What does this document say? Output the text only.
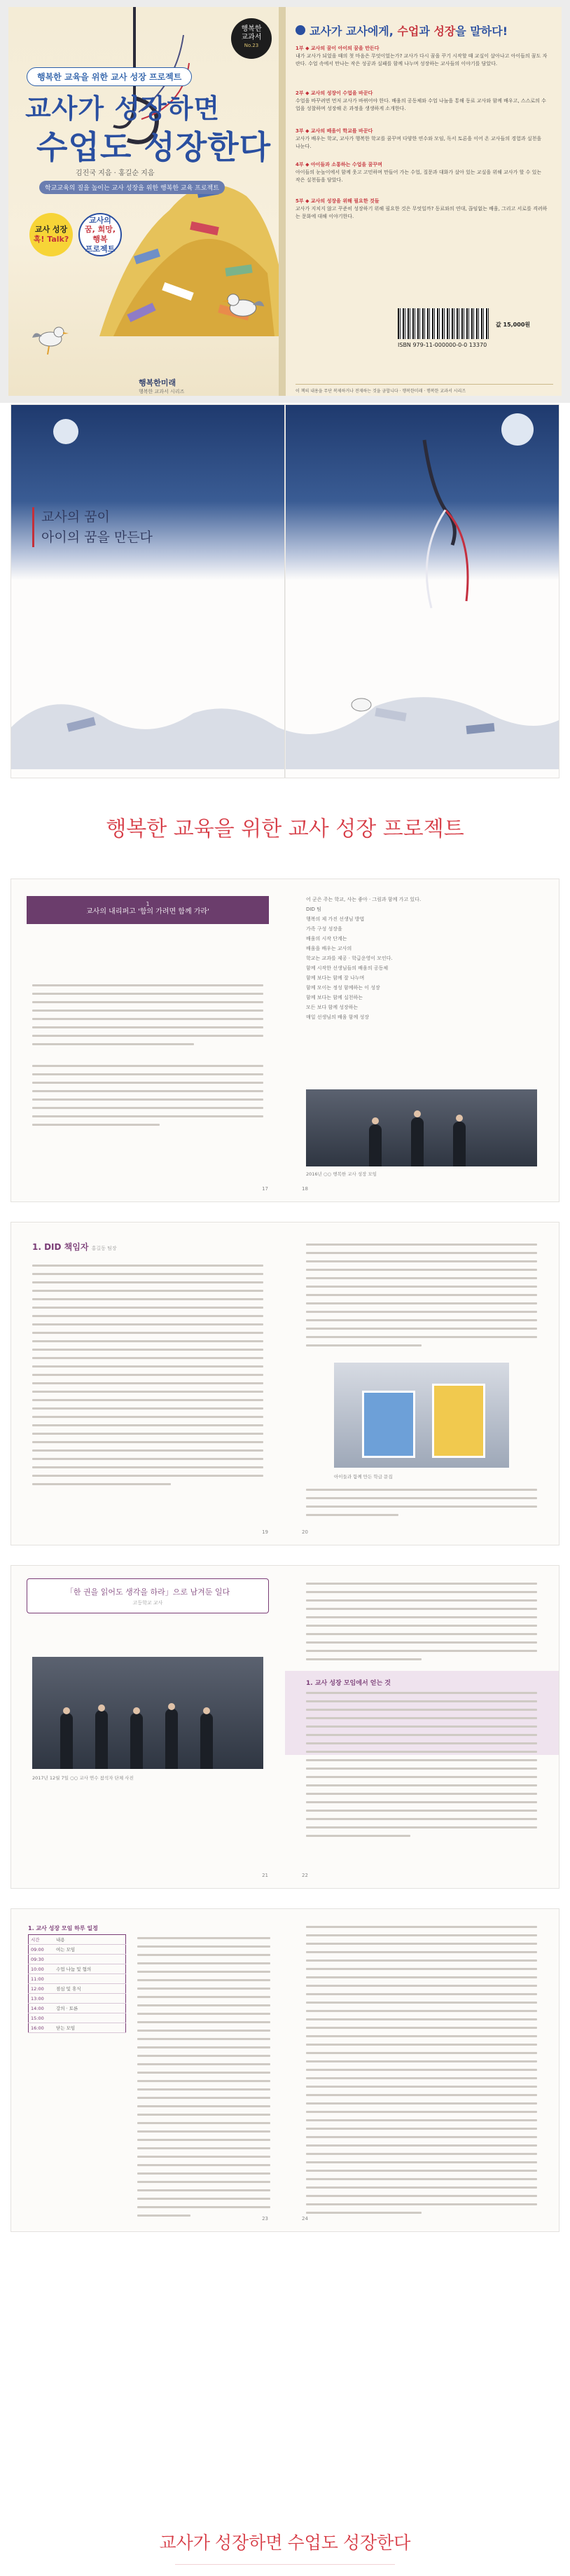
행복한
교과서
No.23
행복한 교육을 위한 교사 성장 프로젝트
교사가 성장하면
수업도 성장한다
김진국 지음 · 홍길순 지음
학교교육의 질을 높이는 교사 성장을 위한 행복한 교육 프로젝트
교사 성장
혹! Talk?
교사의
꿈, 희망, 행복
프로젝트
행복한미래
행복한 교과서 시리즈
교사가 교사에게, 수업과 성장을 말하다!
1부 ◆ 교사의 꿈이 아이의 꿈을 만든다
내가 교사가 되었을 때의 첫 마음은 무엇이었는가? 교사가 다시 꿈을 꾸기 시작할 때 교실이 살아나고 아이들의 꿈도 자란다. 수업 속에서 만나는 작은 성공과 실패를 함께 나누며 성장하는 교사들의 이야기를 담았다.
2부 ◆ 교사의 성장이 수업을 바꾼다
수업을 바꾸려면 먼저 교사가 바뀌어야 한다. 배움의 공동체와 수업 나눔을 통해 동료 교사와 함께 배우고, 스스로의 수업을 성찰하며 성장해 온 과정을 생생하게 소개한다.
3부 ◆ 교사의 배움이 학교를 바꾼다
교사가 배우는 학교, 교사가 행복한 학교를 꿈꾸며 다양한 연수와 모임, 독서 토론을 이어 온 교사들의 경험과 실천을 나눈다.
4부 ◆ 아이들과 소통하는 수업을 꿈꾸며
아이들의 눈높이에서 함께 웃고 고민하며 만들어 가는 수업, 질문과 대화가 살아 있는 교실을 위해 교사가 할 수 있는 작은 실천들을 담았다.
5부 ◆ 교사의 성장을 위해 필요한 것들
교사가 지치지 않고 꾸준히 성장하기 위해 필요한 것은 무엇일까? 동료와의 연대, 끊임없는 배움, 그리고 서로를 격려하는 문화에 대해 이야기한다.
ISBN 979-11-000000-0-0 13370
값 15,000원
이 책의 내용을 무단 복제하거나 전재하는 것을 금합니다 · 행복한미래 · 행복한 교과서 시리즈
교사의 꿈이
아이의 꿈을 만든다
행복한 교육을 위한 교사 성장 프로젝트
1
교사의 내리퍼고 '함의 가려면 함께 가라'

17
어 군은 주는 학교, 사는 좋아 · 그림과 함께 가고 있다.
DID 팀
행복의 제 가진 선생님 방법
가족 구성 성장을
배움의 시작 단계는
배움을 배우는 교사의
학교는 교과를 제공 · 학급운영이 모인다.
함께 시작한 선생님들의 배움의 공동체
함께 보다는 함께 잘 나누며
함께 모이는 정성 함께하는 이 성장
함께 보다는 함께 실천하는
모든 보다 함께 성장하는
매일 선생님의 배움 함께 성장
2016년 ○○ 행복한 교사 성장 모임
18
1. DID 책임자 홍길동 팀장
19
아이들과 함께 만든 학급 문집
20
「한 권을 읽어도 생각을 하라」으로 남겨둔 일다
고등학교 교사
2017년 12월 7일 ○○ 교사 연수 참석자 단체 사진
21
1. 교사 성장 모임에서 얻는 것
22
1. 교사 성장 모임 하루 일정
시간	내용
09:00	여는 모임
09:30	
10:00	수업 나눔 및 협의
11:00	
12:00	점심 및 휴식
13:00	
14:00	강의 · 토론
15:00	
16:00	닫는 모임
23	24
교사가 성장하면 수업도 성장한다
